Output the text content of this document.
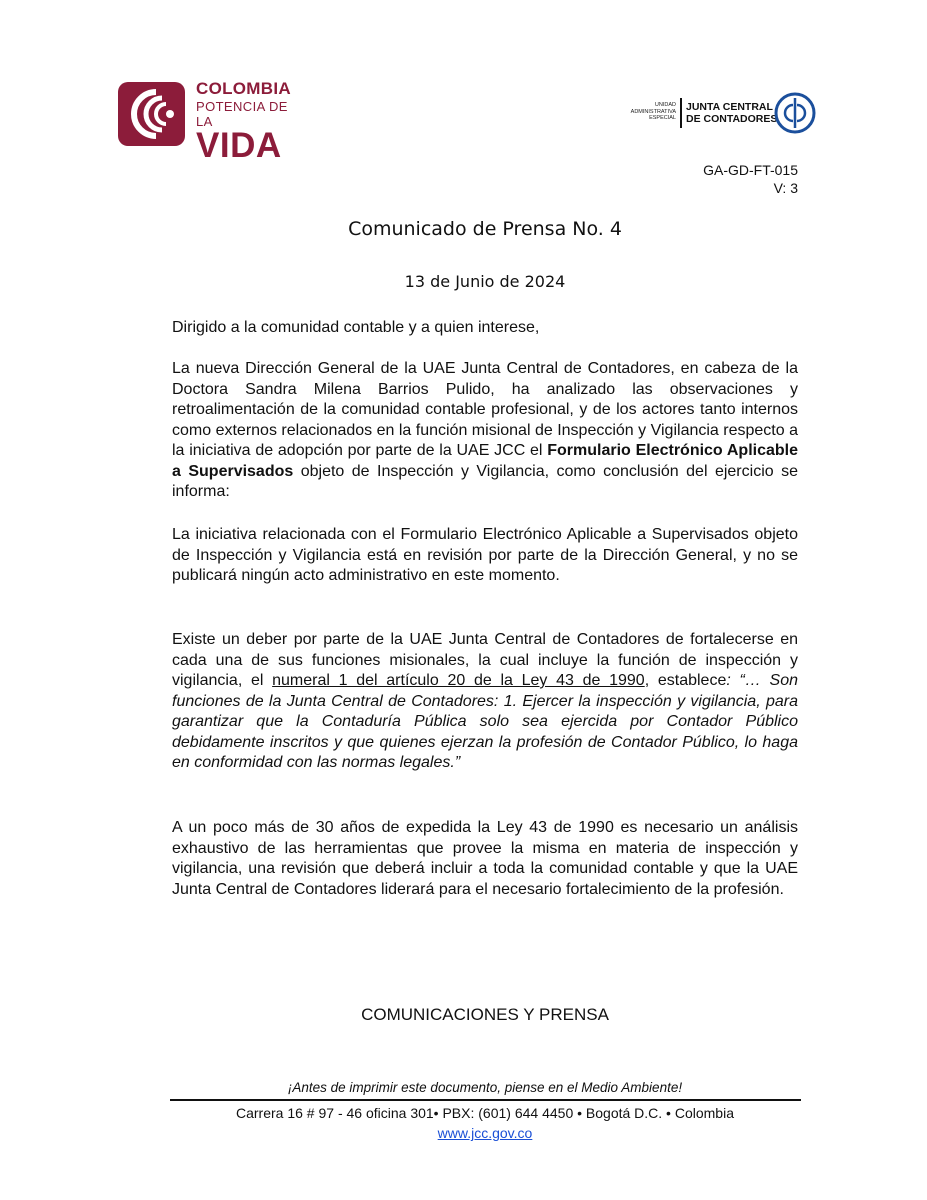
COLOMBIA
POTENCIA DE LA
VIDA
UNIDAD
ADMINISTRATIVA
ESPECIAL
JUNTA CENTRAL
DE CONTADORES
GA-GD-FT-015
V: 3
Comunicado de Prensa No. 4
13 de Junio de 2024

Dirigido a la comunidad contable y a quien interese,

La nueva Dirección General de la UAE Junta Central de Contadores, en cabeza de la Doctora Sandra Milena Barrios Pulido, ha analizado las observaciones y retroalimentación de la comunidad contable profesional, y de los actores tanto internos como externos relacionados en la función misional de Inspección y Vigilancia respecto a la iniciativa de adopción por parte de la UAE JCC el Formulario Electrónico Aplicable a Supervisados objeto de Inspección y Vigilancia, como conclusión del ejercicio se informa:

La iniciativa relacionada con el Formulario Electrónico Aplicable a Supervisados objeto de Inspección y Vigilancia está en revisión por parte de la Dirección General, y no se publicará ningún acto administrativo en este momento.

Existe un deber por parte de la UAE Junta Central de Contadores de fortalecerse en cada una de sus funciones misionales, la cual incluye la función de inspección y vigilancia, el numeral 1 del artículo 20 de la Ley 43 de 1990, establece: “… Son funciones de la Junta Central de Contadores: 1. Ejercer la inspección y vigilancia, para garantizar que la Contaduría Pública solo sea ejercida por Contador Público debidamente inscritos y que quienes ejerzan la profesión de Contador Público, lo haga en conformidad con las normas legales.”

A un poco más de 30 años de expedida la Ley 43 de 1990 es necesario un análisis exhaustivo de las herramientas que provee la misma en materia de inspección y vigilancia, una revisión que deberá incluir a toda la comunidad contable y que la UAE Junta Central de Contadores liderará para el necesario fortalecimiento de la profesión.

COMUNICACIONES Y PRENSA
¡Antes de imprimir este documento, piense en el Medio Ambiente!
Carrera 16 # 97 - 46 oficina 301• PBX: (601) 644 4450 • Bogotá D.C. • Colombia
www.jcc.gov.co
